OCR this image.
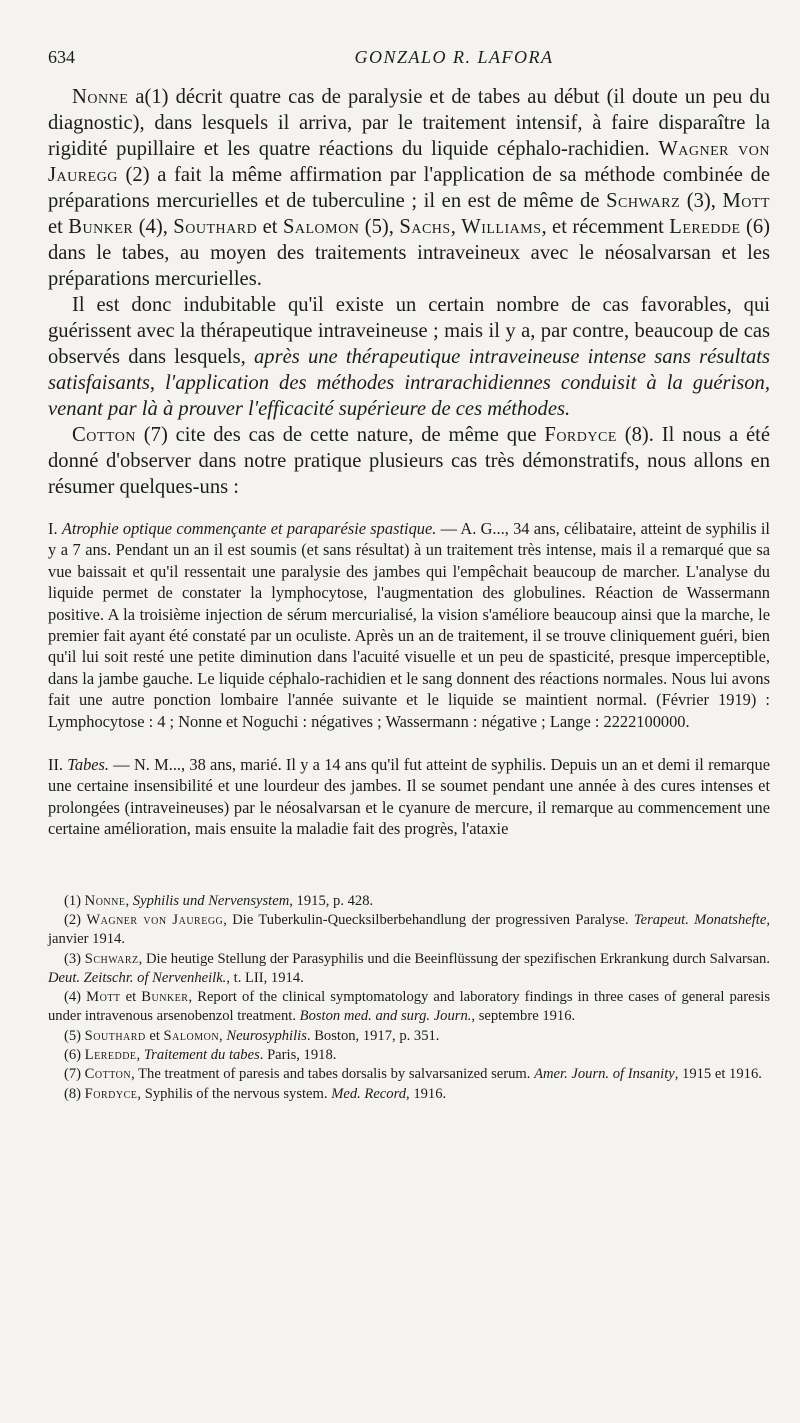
634	GONZALO R. LAFORA

Nonne a(1) décrit quatre cas de paralysie et de tabes au début (il doute un peu du diagnostic), dans lesquels il arriva, par le traitement intensif, à faire disparaître la rigidité pupillaire et les quatre réactions du liquide céphalo-rachidien. Wagner von Jauregg (2) a fait la même affirmation par l'application de sa méthode combinée de préparations mercurielles et de tuberculine ; il en est de même de Schwarz (3), Mott et Bunker (4), Southard et Salomon (5), Sachs, Williams, et récemment Leredde (6) dans le tabes, au moyen des traitements intraveineux avec le néosalvarsan et les préparations mercurielles.

Il est donc indubitable qu'il existe un certain nombre de cas favorables, qui guérissent avec la thérapeutique intraveineuse ; mais il y a, par contre, beaucoup de cas observés dans lesquels, après une thérapeutique intraveineuse intense sans résultats satisfaisants, l'application des méthodes intrarachidiennes conduisit à la guérison, venant par là à prouver l'efficacité supérieure de ces méthodes.

Cotton (7) cite des cas de cette nature, de même que Fordyce (8). Il nous a été donné d'observer dans notre pratique plusieurs cas très démonstratifs, nous allons en résumer quelques-uns :

I. Atrophie optique commençante et paraparésie spastique. — A. G..., 34 ans, célibataire, atteint de syphilis il y a 7 ans. Pendant un an il est soumis (et sans résultat) à un traitement très intense, mais il a remarqué que sa vue baissait et qu'il ressentait une paralysie des jambes qui l'empêchait beaucoup de marcher. L'analyse du liquide permet de constater la lymphocytose, l'augmentation des globulines. Réaction de Wassermann positive. A la troisième injection de sérum mercurialisé, la vision s'améliore beaucoup ainsi que la marche, le premier fait ayant été constaté par un oculiste. Après un an de traitement, il se trouve cliniquement guéri, bien qu'il lui soit resté une petite diminution dans l'acuité visuelle et un peu de spasticité, presque imperceptible, dans la jambe gauche. Le liquide céphalo-rachidien et le sang donnent des réactions normales. Nous lui avons fait une autre ponction lombaire l'année suivante et le liquide se maintient normal. (Février 1919) : Lymphocytose : 4 ; Nonne et Noguchi : négatives ; Wassermann : négative ; Lange : 2222100000.

II. Tabes. — N. M..., 38 ans, marié. Il y a 14 ans qu'il fut atteint de syphilis. Depuis un an et demi il remarque une certaine insensibilité et une lourdeur des jambes. Il se soumet pendant une année à des cures intenses et prolongées (intraveineuses) par le néosalvarsan et le cyanure de mercure, il remarque au commencement une certaine amélioration, mais ensuite la maladie fait des progrès, l'ataxie

(1) Nonne, Syphilis und Nervensystem, 1915, p. 428.

(2) Wagner von Jauregg, Die Tuberkulin-Quecksilberbehandlung der progressiven Paralyse. Terapeut. Monatshefte, janvier 1914.

(3) Schwarz, Die heutige Stellung der Parasyphilis und die Beeinflüssung der spezifischen Erkrankung durch Salvarsan. Deut. Zeitschr. of Nervenheilk., t. LII, 1914.

(4) Mott et Bunker, Report of the clinical symptomatology and laboratory findings in three cases of general paresis under intravenous arsenobenzol treatment. Boston med. and surg. Journ., septembre 1916.

(5) Southard et Salomon, Neurosyphilis. Boston, 1917, p. 351.

(6) Leredde, Traitement du tabes. Paris, 1918.

(7) Cotton, The treatment of paresis and tabes dorsalis by salvarsanized serum. Amer. Journ. of Insanity, 1915 et 1916.

(8) Fordyce, Syphilis of the nervous system. Med. Record, 1916.
